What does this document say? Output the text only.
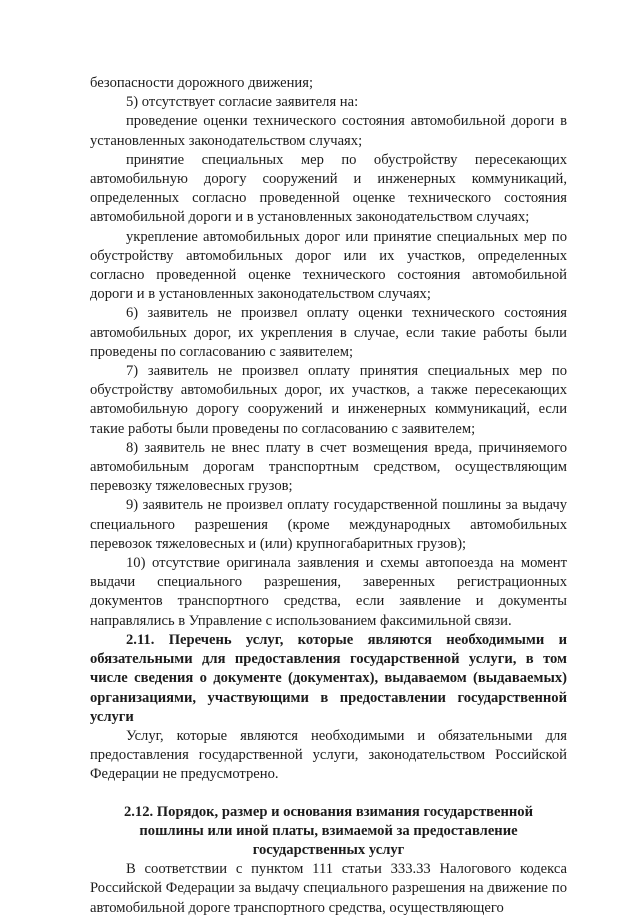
безопасности дорожного движения;

5) отсутствует согласие заявителя на:

проведение оценки технического состояния автомобильной дороги в установленных законодательством случаях;

принятие специальных мер по обустройству пересекающих автомобильную дорогу сооружений и инженерных коммуникаций, определенных согласно проведенной оценке технического состояния автомобильной дороги и в установленных законодательством случаях;

укрепление автомобильных дорог или принятие специальных мер по обустройству автомобильных дорог или их участков, определенных согласно проведенной оценке технического состояния автомобильной дороги и в установленных законодательством случаях;

6) заявитель не произвел оплату оценки технического состояния автомобильных дорог, их укрепления в случае, если такие работы были проведены по согласованию с заявителем;

7) заявитель не произвел оплату принятия специальных мер по обустройству автомобильных дорог, их участков, а также пересекающих автомобильную дорогу сооружений и инженерных коммуникаций, если такие работы были проведены по согласованию с заявителем;

8) заявитель не внес плату в счет возмещения вреда, причиняемого автомобильным дорогам транспортным средством, осуществляющим перевозку тяжеловесных грузов;

9) заявитель не произвел оплату государственной пошлины за выдачу специального разрешения (кроме международных автомобильных перевозок тяжеловесных и (или) крупногабаритных грузов);

10) отсутствие оригинала заявления и схемы автопоезда на момент выдачи специального разрешения, заверенных регистрационных документов транспортного средства, если заявление и документы направлялись в Управление с использованием факсимильной связи.

2.11. Перечень услуг, которые являются необходимыми и обязательными для предоставления государственной услуги, в том числе сведения о документе (документах), выдаваемом (выдаваемых) организациями, участвующими в предоставлении государственной услуги

Услуг, которые являются необходимыми и обязательными для предоставления государственной услуги, законодательством Российской Федерации не предусмотрено.

2.12. Порядок, размер и основания взимания государственной пошлины или иной платы, взимаемой за предоставление государственных услуг

В соответствии с пунктом 111 статьи 333.33 Налогового кодекса Российской Федерации за выдачу специального разрешения на движение по автомобильной дороге транспортного средства, осуществляющего
